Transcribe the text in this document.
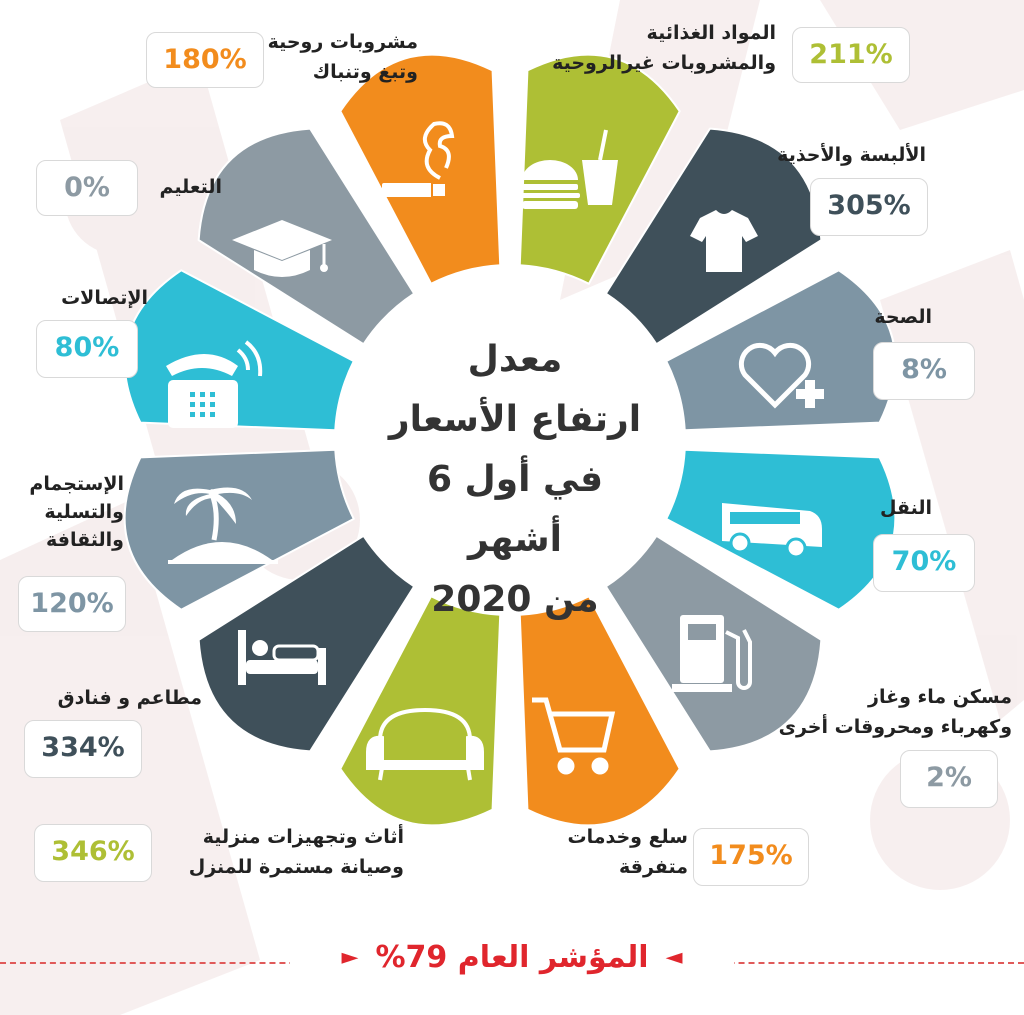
معدل
ارتفاع الأسعار
في أول 6 أشهر
من 2020
المواد الغذائية
والمشروبات غيرالروحية	211%
الألبسة والأحذية
305%
الصحة
8%
النقل
70%
مسكن ماء وغاز
وكهرباء ومحروقات أخرى
2%
سلع وخدمات
متفرقة 175%
أثاث وتجهيزات منزلية
وصيانة مستمرة للمنزل
346%
مطاعم و فنادق
334%
الإستجمام
والتسلية
والثقافة
120%
الإتصالات
80%
التعليم
0%
مشروبات روحية
وتبغ وتنباك
180%
◄ المؤشر العام 79% ►
